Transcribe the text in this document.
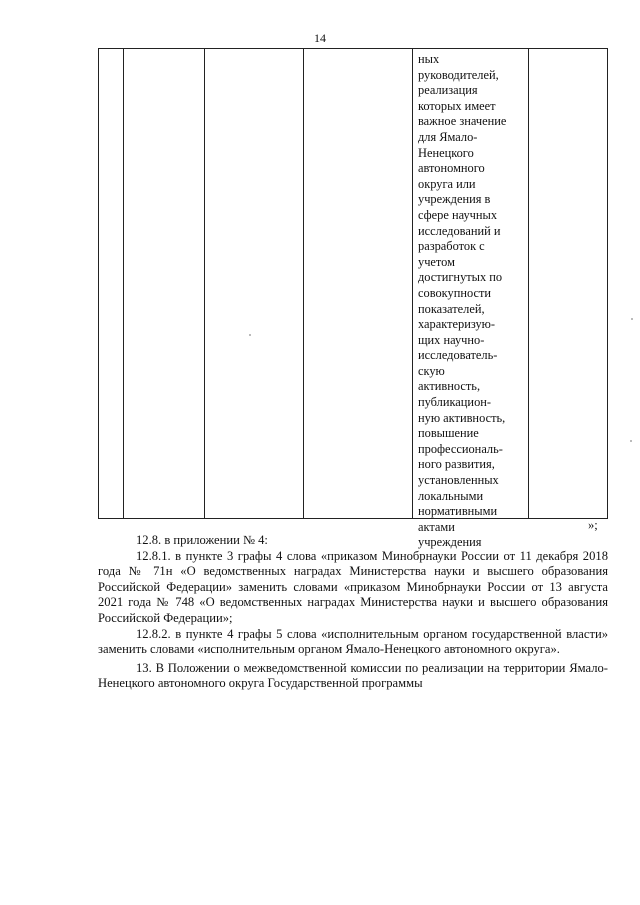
14
ных
руководителей,
реализация
которых имеет
важное значение
для Ямало-
Ненецкого
автономного
округа или
учреждения в
сфере научных
исследований и
разработок с
учетом
достигнутых по
совокупности
показателей,
характеризую-
щих научно-
исследователь-
скую
активность,
публикацион-
ную активность,
повышение
профессиональ-
ного развития,
установленных
локальными
нормативными
актами
учреждения
»;

12.8. в приложении № 4:

12.8.1. в пункте 3 графы 4 слова «приказом Минобрнауки России от 11 декабря 2018 года № 71н «О ведомственных наградах Министерства науки и высшего образования Российской Федерации» заменить словами «приказом Минобрнауки России от 13 августа 2021 года № 748 «О ведомственных наградах Министерства науки и высшего образования Российской Федерации»;

12.8.2. в пункте 4 графы 5 слова «исполнительным органом государственной власти» заменить словами «исполнительным органом Ямало-Ненецкого автономного округа».

13. В Положении о межведомственной комиссии по реализации на территории Ямало-Ненецкого автономного округа Государственной программы
